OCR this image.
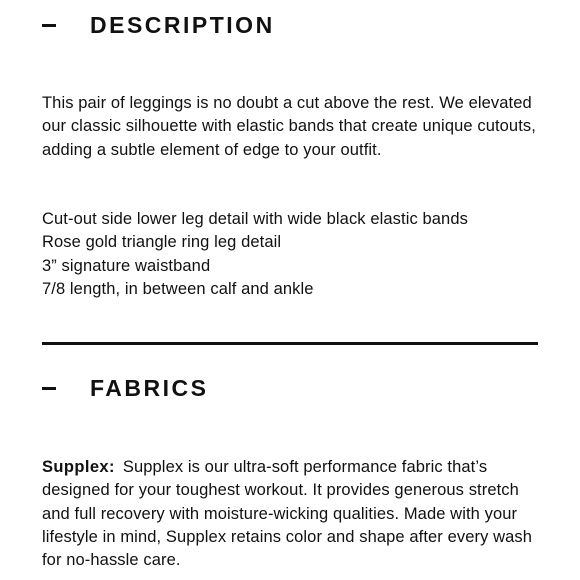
DESCRIPTION
This pair of leggings is no doubt a cut above the rest. We elevated our classic silhouette with elastic bands that create unique cutouts, adding a subtle element of edge to your outfit.
Cut-out side lower leg detail with wide black elastic bands
Rose gold triangle ring leg detail
3” signature waistband
7/8 length, in between calf and ankle
FABRICS
Supplex: Supplex is our ultra-soft performance fabric that’s designed for your toughest workout. It provides generous stretch and full recovery with moisture-wicking qualities. Made with your lifestyle in mind, Supplex retains color and shape after every wash for no-hassle care.
